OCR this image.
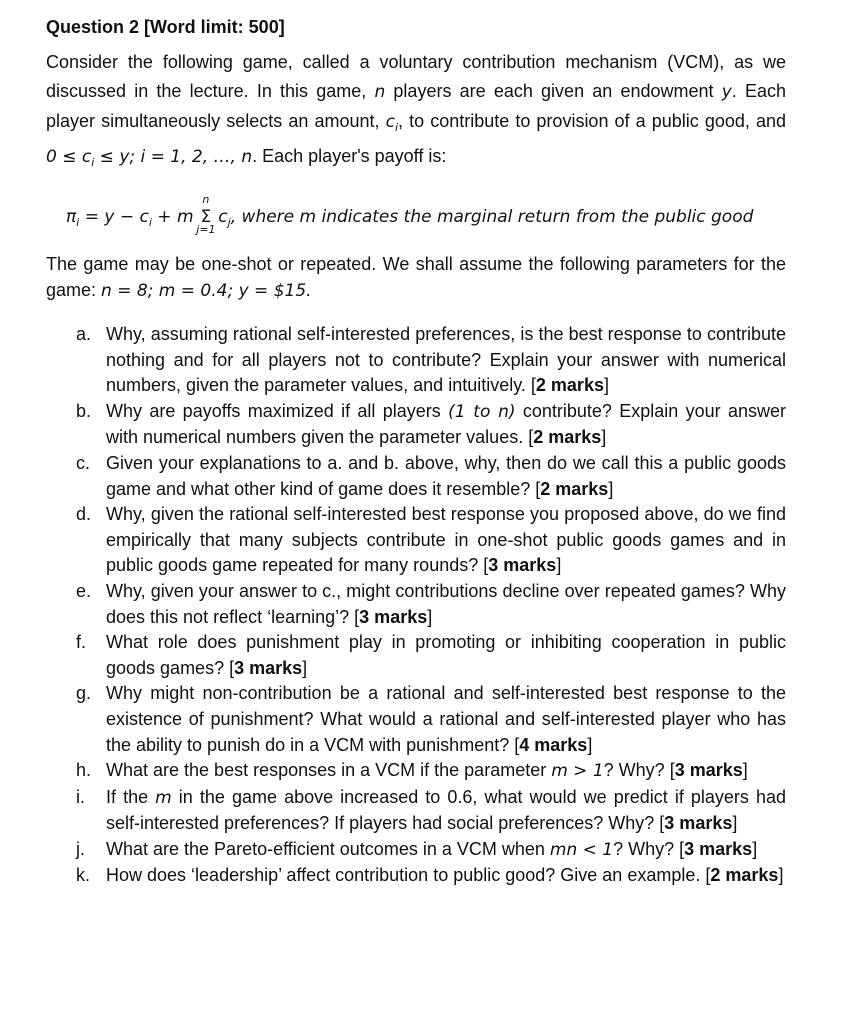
Question 2 [Word limit: 500]

Consider the following game, called a voluntary contribution mechanism (VCM), as we discussed in the lecture. In this game, n players are each given an endowment y. Each player simultaneously selects an amount, $c_i$, to contribute to provision of a public good, and $0 \le c_i \le y$; i = 1, 2, …, n. Each player's payoff is:

$\pi_i = y - c_i + m$
n
Σ
j=1
$c_j$, where m indicates the marginal return from the public good

The game may be one-shot or repeated. We shall assume the following parameters for the game: n = 8; m = 0.4; y = $15.

a. Why, assuming rational self-interested preferences, is the best response to contribute nothing and for all players not to contribute? Explain your answer with numerical numbers, given the parameter values, and intuitively. [2 marks]
b. Why are payoffs maximized if all players (1 to n) contribute? Explain your answer with numerical numbers given the parameter values. [2 marks]
c. Given your explanations to a. and b. above, why, then do we call this a public goods game and what other kind of game does it resemble? [2 marks]
d. Why, given the rational self-interested best response you proposed above, do we find empirically that many subjects contribute in one-shot public goods games and in public goods game repeated for many rounds? [3 marks]
e. Why, given your answer to c., might contributions decline over repeated games? Why does this not reflect ‘learning’? [3 marks]
f. What role does punishment play in promoting or inhibiting cooperation in public goods games? [3 marks]
g. Why might non-contribution be a rational and self-interested best response to the existence of punishment? What would a rational and self-interested player who has the ability to punish do in a VCM with punishment? [4 marks]
h. What are the best responses in a VCM if the parameter m > 1? Why? [3 marks]
i. If the m in the game above increased to 0.6, what would we predict if players had self-interested preferences? If players had social preferences? Why? [3 marks]
j. What are the Pareto-efficient outcomes in a VCM when mn < 1? Why? [3 marks]
k. How does ‘leadership’ affect contribution to public good? Give an example. [2 marks]
